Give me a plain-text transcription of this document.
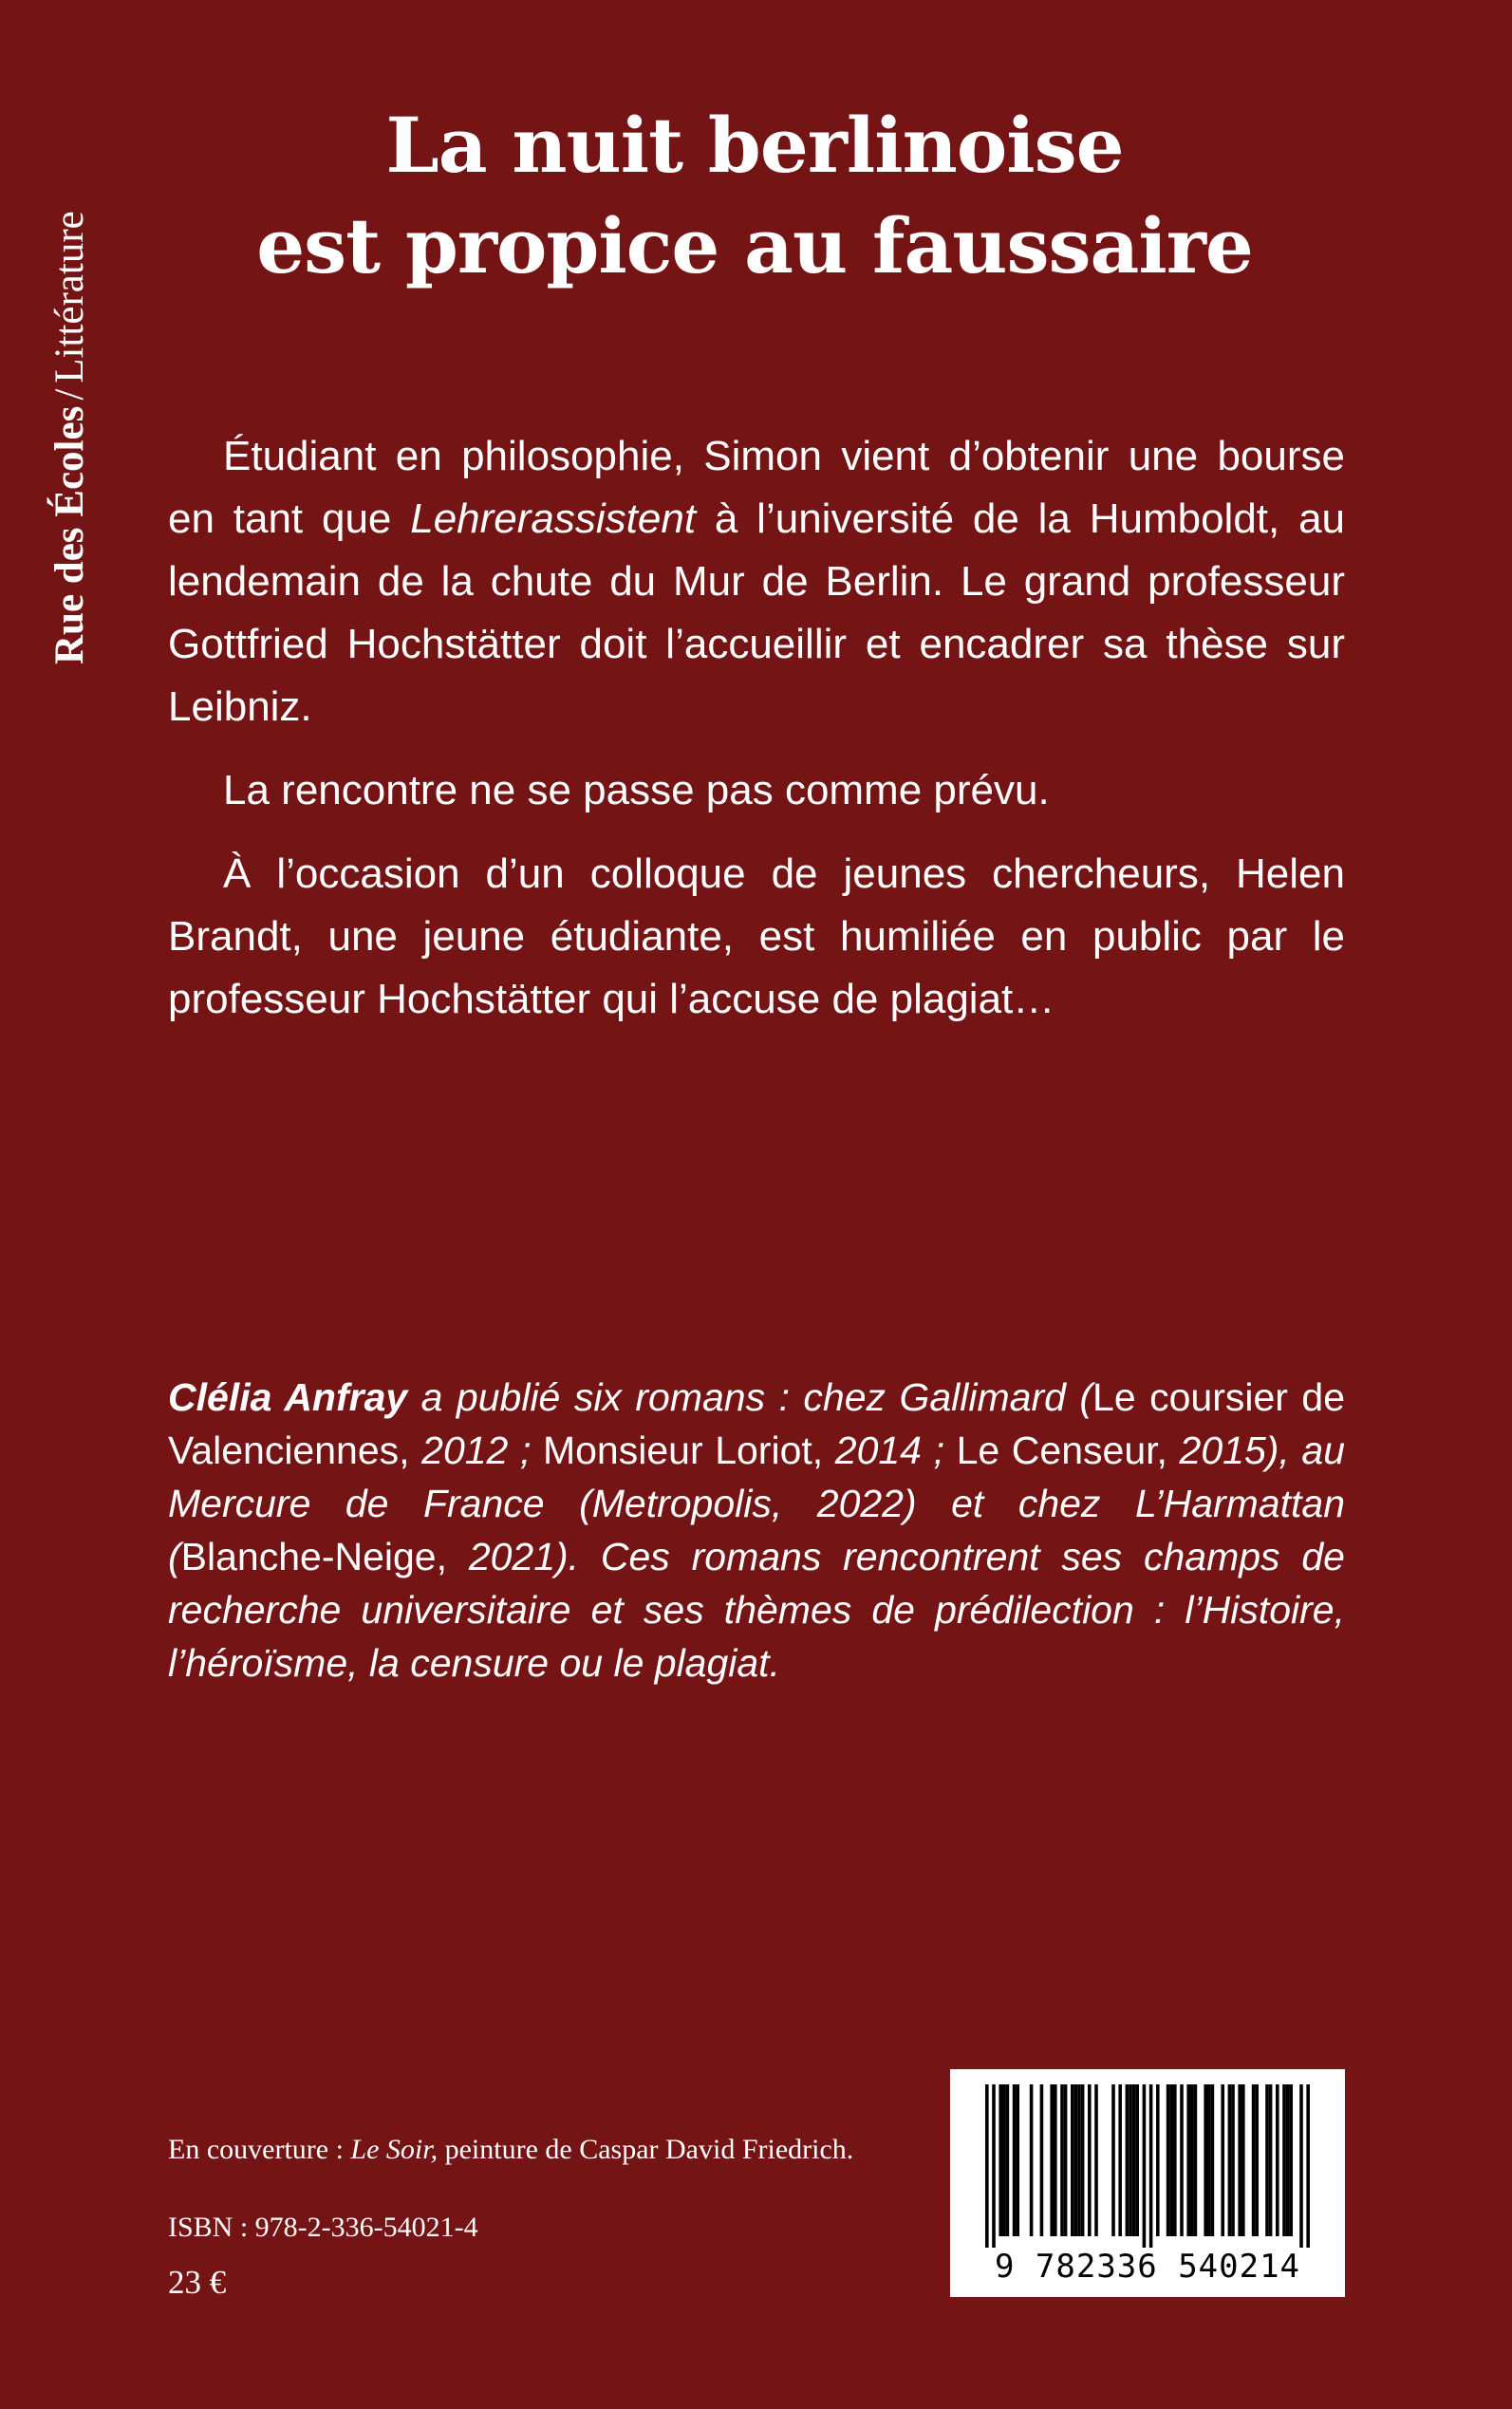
Rue des Écoles/Littérature
La nuit berlinoise
est propice au faussaire

Étudiant en philosophie, Simon vient d’obtenir une bourse en tant que Lehrerassistent à l’université de la Humboldt, au lendemain de la chute du Mur de Berlin. Le grand professeur Gottfried Hochstätter doit l’accueillir et encadrer sa thèse sur Leibniz.

La rencontre ne se passe pas comme prévu.

À l’occasion d’un colloque de jeunes chercheurs, Helen Brandt, une jeune étudiante, est humiliée en public par le professeur Hochstätter qui l’accuse de plagiat…

Clélia Anfray a publié six romans : chez Gallimard (Le coursier de Valenciennes, 2012 ; Monsieur Loriot, 2014 ; Le Censeur, 2015), au Mercure de France (Metropolis, 2022) et chez L’Harmattan (Blanche-Neige, 2021). Ces romans rencontrent ses champs de recherche universitaire et ses thèmes de prédilection : l’Histoire, l’héroïsme, la censure ou le plagiat.

En couverture : Le Soir, peinture de Caspar David Friedrich.
ISBN : 978-2-336-54021-4
23 €	9 782336 540214
